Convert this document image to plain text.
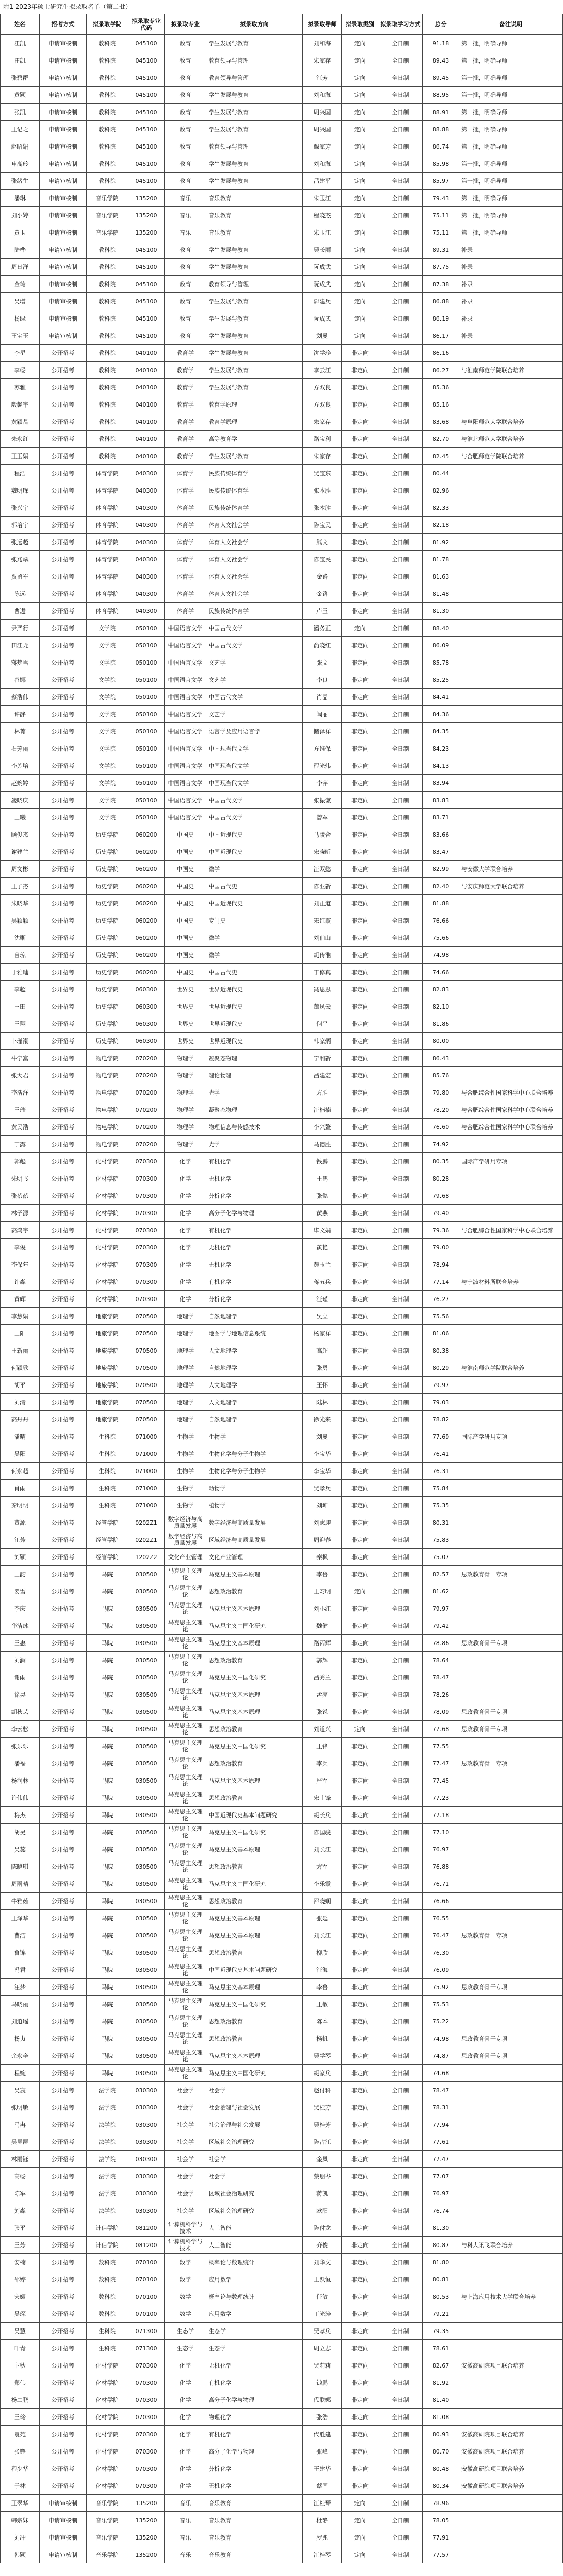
附1 2023年硕士研究生拟录取名单（第二批）
姓名	招考方式	拟录取学院	拟录取专业代码	拟录取专业	拟录取方向	拟录取导师	拟录取类别	拟录取学习方式	总分	备注说明
江凯	申请审核制	教科院	045100	教育	学生发展与教育	刘和海	定向	全日制	91.18	第一批，明确导师
汪凯	申请审核制	教科院	045100	教育	教育领导与管理	朱家存	定向	全日制	89.43	第一批，明确导师
张碧群	申请审核制	教科院	045100	教育	教育领导与管理	江芳	定向	全日制	89.45	第一批，明确导师
黄颖	申请审核制	教科院	045100	教育	学生发展与教育	刘和海	定向	全日制	88.95	第一批，明确导师
张凯	申请审核制	教科院	045100	教育	学生发展与教育	周兴国	定向	全日制	88.91	第一批，明确导师
王记之	申请审核制	教科院	045100	教育	学生发展与教育	周兴国	定向	全日制	88.88	第一批，明确导师
赵昭娟	申请审核制	教科院	045100	教育	教育领导与管理	戴家芳	定向	全日制	86.74	第一批，明确导师
申高玲	申请审核制	教科院	045100	教育	学生发展与教育	刘和海	定向	全日制	85.98	第一批，明确导师
张绪生	申请审核制	教科院	045100	教育	学生发展与教育	吕建平	定向	全日制	85.97	第一批，明确导师
潘琳	申请审核制	音乐学院	135200	音乐	音乐教育	朱玉江	定向	全日制	79.43	第一批，明确导师
刘小婷	申请审核制	音乐学院	135200	音乐	音乐教育	程晓杰	定向	全日制	75.11	第一批，明确导师
黄玉	申请审核制	音乐学院	135200	音乐	音乐教育	朱玉江	定向	全日制	75.11	第一批，明确导师
陆桦	申请审核制	教科院	045100	教育	学生发展与教育	吴长丽	定向	全日制	89.31	补录
周日洋	申请审核制	教科院	045100	教育	学生发展与教育	阮成武	定向	全日制	87.75	补录
金玲	申请审核制	教科院	045100	教育	教育领导与管理	阮成武	定向	全日制	87.38	补录
吴增	申请审核制	教科院	045100	教育	学生发展与教育	郭建兵	定向	全日制	86.88	补录
杨绿	申请审核制	教科院	045100	教育	学生发展与教育	阮成武	定向	全日制	86.19	补录
王宝玉	申请审核制	教科院	045100	教育	学生发展与教育	刘曼	定向	全日制	86.17	补录
李星	公开招考	教科院	040100	教育学	学生发展与教育	沈学珍	非定向	全日制	86.16	
李畅	公开招考	教科院	040100	教育学	学生发展与教育	李云江	非定向	全日制	86.27	与淮南师范学院联合培养
苏雅	公开招考	教科院	040100	教育学	学生发展与教育	方双良	非定向	全日制	85.36	
殷馨宇	公开招考	教科院	040100	教育学	教育学原理	方双良	非定向	全日制	85.16	
黄颖晶	公开招考	教科院	040100	教育学	教育学原理	朱家存	非定向	全日制	83.68	与阜阳师范大学联合培养
朱永红	公开招考	教科院	040100	教育学	高等教育学	路宝利	非定向	全日制	82.70	与淮北师范大学联合培养
王玉娟	公开招考	教科院	040100	教育学	学生发展与教育	朱家存	非定向	全日制	82.45	与合肥师范学院联合培养
程浩	公开招考	体育学院	040300	体育学	民族传统体育学	吴宝东	非定向	全日制	80.44	
魏明琛	公开招考	体育学院	040300	体育学	民族传统体育学	张本胜	非定向	全日制	82.96	
张兴宇	公开招考	体育学院	040300	体育学	民族传统体育学	张本胜	非定向	全日制	82.33	
郭培宇	公开招考	体育学院	040300	体育学	体育人文社会学	陈宝民	非定向	全日制	82.18	
张远超	公开招考	体育学院	040300	体育学	体育人文社会学	熊文	非定向	全日制	81.92	
张兆赋	公开招考	体育学院	040300	体育学	体育人文社会学	陈宝民	非定向	全日制	81.78	
贾留军	公开招考	体育学院	040300	体育学	体育人文社会学	金路	非定向	全日制	81.63	
陈远	公开招考	体育学院	040300	体育学	体育人文社会学	金路	非定向	全日制	81.48	
曹进	公开招考	体育学院	040300	体育学	民族传统体育学	卢玉	非定向	全日制	81.30	
尹严行	公开招考	文学院	050100	中国语言文学	中国古代文学	潘务正	定向	全日制	88.40	
田江龙	公开招考	文学院	050100	中国语言文学	中国古代文学	俞晓红	非定向	全日制	86.09	
蒋梦雪	公开招考	文学院	050100	中国语言文学	文艺学	张文	非定向	全日制	85.78	
谷娜	公开招考	文学院	050100	中国语言文学	文艺学	李良	非定向	全日制	85.25	
蔡浩伟	公开招考	文学院	050100	中国语言文学	中国古代文学	肖晶	非定向	全日制	84.41	
许静	公开招考	文学院	050100	中国语言文学	文艺学	闫丽	非定向	全日制	84.36	
林菁	公开招考	文学院	050100	中国语言文学	语言学及应用语言学	储泽祥	非定向	全日制	84.35	
石芳丽	公开招考	文学院	050100	中国语言文学	中国现当代文学	方维保	非定向	全日制	84.23	
李苏培	公开招考	文学院	050100	中国语言文学	中国现当代文学	程光炜	非定向	全日制	84.13	
赵婉婷	公开招考	文学院	050100	中国语言文学	中国现当代文学	李萍	非定向	全日制	83.94	
凌晓庆	公开招考	文学院	050100	中国语言文学	中国古代文学	张振谦	非定向	全日制	83.83	
王曦	公开招考	文学院	050100	中国语言文学	中国古代文学	曾军	非定向	全日制	83.71	
顾俊杰	公开招考	历史学院	060200	中国史	中国近现代史	马陵合	非定向	全日制	83.66	
谢建兰	公开招考	历史学院	060200	中国史	中国近现代史	宋晓昕	非定向	全日制	83.47	
周文彬	公开招考	历史学院	060200	中国史	徽学	汪双懿	非定向	全日制	82.99	与安徽大学联合培养
王子杰	公开招考	历史学院	060200	中国史	中国古代史	陈业新	非定向	全日制	82.40	与安庆师范大学联合培养
朱晓华	公开招考	历史学院	060200	中国史	中国近现代史	刘正道	非定向	全日制	81.88	
吴颖颖	公开招考	历史学院	060200	中国史	专门史	宋红霞	非定向	全日制	76.66	
沈晰	公开招考	历史学院	060200	中国史	徽学	刘伯山	非定向	全日制	75.66	
曾琼	公开招考	历史学院	060200	中国史	徽学	胡传淮	非定向	全日制	74.98	
于雅迪	公开招考	历史学院	060200	中国史	中国古代史	丁修真	非定向	全日制	74.66	
李超	公开招考	历史学院	060300	世界史	世界近现代史	冯思思	非定向	全日制	82.83	
王田	公开招考	历史学院	060300	世界史	世界近现代史	董凤云	非定向	全日制	82.10	
王翔	公开招考	历史学院	060300	世界史	世界近现代史	何平	非定向	全日制	81.86	
卜瑾潮	公开招考	历史学院	060300	世界史	世界近现代史	韩家炳	非定向	全日制	80.00	
牛宁富	公开招考	物电学院	070200	物理学	凝聚态物理	宁利新	非定向	全日制	86.43	
张大君	公开招考	物电学院	070200	物理学	理论物理	吕建宏	非定向	全日制	85.76	
李浩洋	公开招考	物电学院	070200	物理学	光学	方胜	非定向	全日制	79.80	与合肥综合性国家科学中心联合培养
王瑞	公开招考	物电学院	070200	物理学	凝聚态物理	汪楠楠	非定向	全日制	78.20	与合肥综合性国家科学中心联合培养
黄民浩	公开招考	物电学院	070200	物理学	物理信息与传感技术	李兴鳌	非定向	全日制	76.60	与合肥综合性国家科学中心联合培养
丁露	公开招考	物电学院	070200	物理学	光学	马德胜	非定向	全日制	74.92	
郭彪	公开招考	化材学院	070300	化学	有机化学	钱鹏	非定向	全日制	80.35	国际产学研用专项
朱明飞	公开招考	化材学院	070300	化学	无机化学	王鹤	非定向	全日制	80.28	
张蓓蓓	公开招考	化材学院	070300	化学	分析化学	张懿	非定向	全日制	79.68	
林子源	公开招考	化材学院	070300	化学	高分子化学与物理	黄燕	非定向	全日制	79.40	
高鸿宇	公开招考	化材学院	070300	化学	有机化学	毕文娟	非定向	全日制	79.36	与合肥综合性国家科学中心联合培养
李俊	公开招考	化材学院	070300	化学	无机化学	黄艳	非定向	全日制	79.00	
李保年	公开招考	化材学院	070300	化学	无机化学	黄玉兰	非定向	全日制	78.94	
许淼	公开招考	化材学院	070300	化学	有机化学	蒋五兵	非定向	全日制	77.14	与宁波材料所联合培养
黄辉	公开招考	化材学院	070300	化学	分析化学	汪瑾	非定向	全日制	76.27	
李慧娟	公开招考	地旅学院	070500	地理学	自然地理学	吴立	非定向	全日制	75.56	
王阳	公开招考	地旅学院	070500	地理学	地图学与地理信息系统	杨家祥	非定向	全日制	81.06	
王新丽	公开招考	地旅学院	070500	地理学	人文地理学	高超	非定向	全日制	80.38	
何颖欣	公开招考	地旅学院	070500	地理学	自然地理学	张勇	非定向	全日制	80.29	与淮南师范学院联合培养
胡平	公开招考	地旅学院	070500	地理学	人文地理学	王怀	非定向	全日制	79.97	
刘清	公开招考	地旅学院	070500	地理学	人文地理学	陆林	非定向	全日制	79.03	
高丹丹	公开招考	地旅学院	070500	地理学	自然地理学	徐光来	非定向	全日制	78.82	
潘晴	公开招考	生科院	071000	生物学	生物学	刘曼	非定向	全日制	77.69	国际产学研用专项
吴阳	公开招考	生科院	071000	生物学	生物化学与分子生物学	李宝华	非定向	全日制	76.41	
何永超	公开招考	生科院	071000	生物学	生物化学与分子生物学	李宝华	非定向	全日制	76.31	
肖雨	公开招考	生科院	071000	生物学	动物学	吴孝兵	非定向	全日制	75.84	
秦明明	公开招考	生科院	071000	生物学	植物学	刘坤	非定向	全日制	75.35	
董源	公开招考	经管学院	0202Z1	数字经济与高质量发展	数字经济与高质量发展	刘志迎	非定向	全日制	80.31	
江芳	公开招考	经管学院	0202Z1	数字经济与高质量发展	区域经济与高质量发展	周迎春	非定向	全日制	75.83	
刘颖	公开招考	经管学院	1202Z2	文化产业管理	文化产业管理	秦枫	非定向	全日制	75.07	
王韵	公开招考	马院	030500	马克思主义理论	马克思主义基本原理	李鲁	非定向	全日制	82.57	思政教育骨干专项
姜雪	公开招考	马院	030500	马克思主义理论	思想政治教育	王习明	定向	全日制	81.62	
李庆	公开招考	马院	030500	马克思主义理论	马克思主义基本原理	刘小红	非定向	全日制	79.97	
华洁冰	公开招考	马院	030500	马克思主义理论	马克思主义中国化研究	魏健	非定向	全日制	79.42	
王惠	公开招考	马院	030500	马克思主义理论	马克思主义基本原理	路丙辉	非定向	全日制	78.86	思政教育骨干专项
刘澜	公开招考	马院	030500	马克思主义理论	思想政治教育	郭辉	非定向	全日制	78.64	
谢雨	公开招考	马院	030500	马克思主义理论	马克思主义中国化研究	吕秀兰	非定向	全日制	78.47	
徐昊	公开招考	马院	030500	马克思主义理论	马克思主义基本原理	孟亮	非定向	全日制	78.26	
胡秋芸	公开招考	马院	030500	马克思主义理论	马克思主义基本原理	张锐	非定向	全日制	78.09	思政教育骨干专项
李云松	公开招考	马院	030500	马克思主义理论	思想政治教育	刘道兴	定向	全日制	77.68	思政教育骨干专项
张乐乐	公开招考	马院	030500	马克思主义理论	马克思主义中国化研究	王锋	非定向	全日制	77.55	
潘福	公开招考	马院	030500	马克思主义理论	思想政治教育	李兵	非定向	全日制	77.47	思政教育骨干专项
杨润林	公开招考	马院	030500	马克思主义理论	马克思主义基本原理	严军	非定向	全日制	77.45	
许伟伟	公开招考	马院	030500	马克思主义理论	思想政治教育	宋士锋	非定向	全日制	77.23	
梅杰	公开招考	马院	030500	马克思主义理论	中国近现代史基本问题研究	胡长兵	非定向	全日制	77.18	
胡昊	公开招考	马院	030500	马克思主义理论	马克思主义中国化研究	陈国骏	非定向	全日制	77.10	
吴蕊	公开招考	马院	030500	马克思主义理论	马克思主义基本原理	刘长江	非定向	全日制	76.97	
陈晓琪	公开招考	马院	030500	马克思主义理论	思想政治教育	方军	非定向	全日制	76.88	
周雨晴	公开招考	马院	030500	马克思主义理论	马克思主义中国化研究	李乐霞	非定向	全日制	76.71	
牛雅茹	公开招考	马院	030500	马克思主义理论	思想政治教育	邵晓娴	非定向	全日制	76.66	
王泽华	公开招考	马院	030500	马克思主义理论	马克思主义基本原理	张延	非定向	全日制	76.55	
曹洁	公开招考	马院	030500	马克思主义理论	马克思主义基本原理	刘长江	非定向	全日制	76.47	思政教育骨干专项
鲁锦	公开招考	马院	030500	马克思主义理论	思想政治教育	柳欣	非定向	全日制	76.30	
冯君	公开招考	马院	030500	马克思主义理论	中国近现代史基本问题研究	汪海	非定向	全日制	76.09	
汪梦	公开招考	马院	030500	马克思主义理论	马克思主义基本原理	李鲁	非定向	全日制	75.92	思政教育骨干专项
马晓丽	公开招考	马院	030500	马克思主义理论	马克思主义中国化研究	王敏	非定向	全日制	75.53	
刘逍遥	公开招考	马院	030500	马克思主义理论	思想政治教育	陈本	非定向	全日制	75.22	
杨贞	公开招考	马院	030500	马克思主义理论	思想政治教育	杨帆	非定向	全日制	74.98	思政教育骨干专项
余永奎	公开招考	马院	030500	马克思主义理论	马克思主义基本原理	吴学琴	非定向	全日制	74.87	思政教育骨干专项
程婉	公开招考	马院	030500	马克思主义理论	马克思主义中国化研究	胡家兵	非定向	全日制	74.68	
吴宸	公开招考	法学院	030300	社会学	社会学	赵付科	非定向	全日制	78.47	
张明敏	公开招考	法学院	030300	社会学	社会治理与社会发展	吴桂芳	非定向	全日制	78.31	
马冉	公开招考	法学院	030300	社会学	社会治理与社会发展	吴桂芳	非定向	全日制	77.94	
吴昆昆	公开招考	法学院	030300	社会学	区域社会治理研究	陈占江	非定向	全日制	77.61	
林丽钰	公开招考	法学院	030300	社会学	社会学	金凤	非定向	全日制	77.47	
高畅	公开招考	法学院	030300	社会学	社会学	蔡朋岑	非定向	全日制	77.07	
陈军	公开招考	法学院	030300	社会学	区域社会治理研究	蒋凯	非定向	全日制	76.97	
刘淼	公开招考	法学院	030300	社会学	区域社会治理研究	欧阳	非定向	全日制	76.74	
张平	公开招考	计信学院	081200	计算机科学与技术	人工智能	陈付龙	非定向	全日制	81.30	
王芳	公开招考	计信学院	081200	计算机科学与技术	人工智能	齐俊	非定向	全日制	80.87	与科大讯飞联合培养
安楠	公开招考	数科院	070100	数学	概率论与数理统计	刘华文	非定向	全日制	81.80	
邵婷	公开招考	数科院	070100	数学	应用数学	王跃恒	非定向	全日制	80.81	
宋娅	公开招考	数科院	070100	数学	概率论与数理统计	任敏	非定向	全日制	80.53	与上海应用技术大学联合培养
吴琛	公开招考	数科院	070100	数学	应用数学	丁光涛	非定向	全日制	79.21	
吴慧	公开招考	生科院	071300	生态学	生态学	吴孝兵	非定向	全日制	79.35	
叶青	公开招考	生科院	071300	生态学	生态学	周立志	非定向	全日制	78.61	
卞秋	公开招考	化材学院	070300	化学	无机化学	吴莉莉	非定向	全日制	82.67	安徽高研院项目联合培养
郑伟	公开招考	化材学院	070300	化学	有机化学	钱鹏	非定向	全日制	81.92	
杨二鹏	公开招考	化材学院	070300	化学	高分子化学与物理	代联娜	非定向	全日制	81.40	
王玲	公开招考	化材学院	070300	化学	物理化学	张浩	非定向	全日制	81.08	
袁苑	公开招考	化材学院	070300	化学	有机化学	代胜建	非定向	全日制	80.93	安徽高研院项目联合培养
张铮	公开招考	化材学院	070300	化学	高分子化学与物理	张峰	非定向	全日制	80.70	安徽高研院项目联合培养
程少华	公开招考	化材学院	070300	化学	分析化学	王建华	非定向	全日制	80.48	安徽高研院项目联合培养
于林	公开招考	化材学院	070300	化学	无机化学	蔡国	非定向	全日制	80.34	安徽高研院项目联合培养
王翠华	申请审核制	音乐学院	135200	音乐	音乐教育	江桂琴	定向	全日制	78.96	
韩宗妹	申请审核制	音乐学院	135200	音乐	音乐教育	杜静	定向	全日制	78.05	
刘冲	申请审核制	音乐学院	135200	音乐	音乐教育	罗兆	定向	全日制	77.91	
韩颖	申请审核制	音乐学院	135200	音乐	音乐教育	江桂琴	定向	全日制	77.57	
